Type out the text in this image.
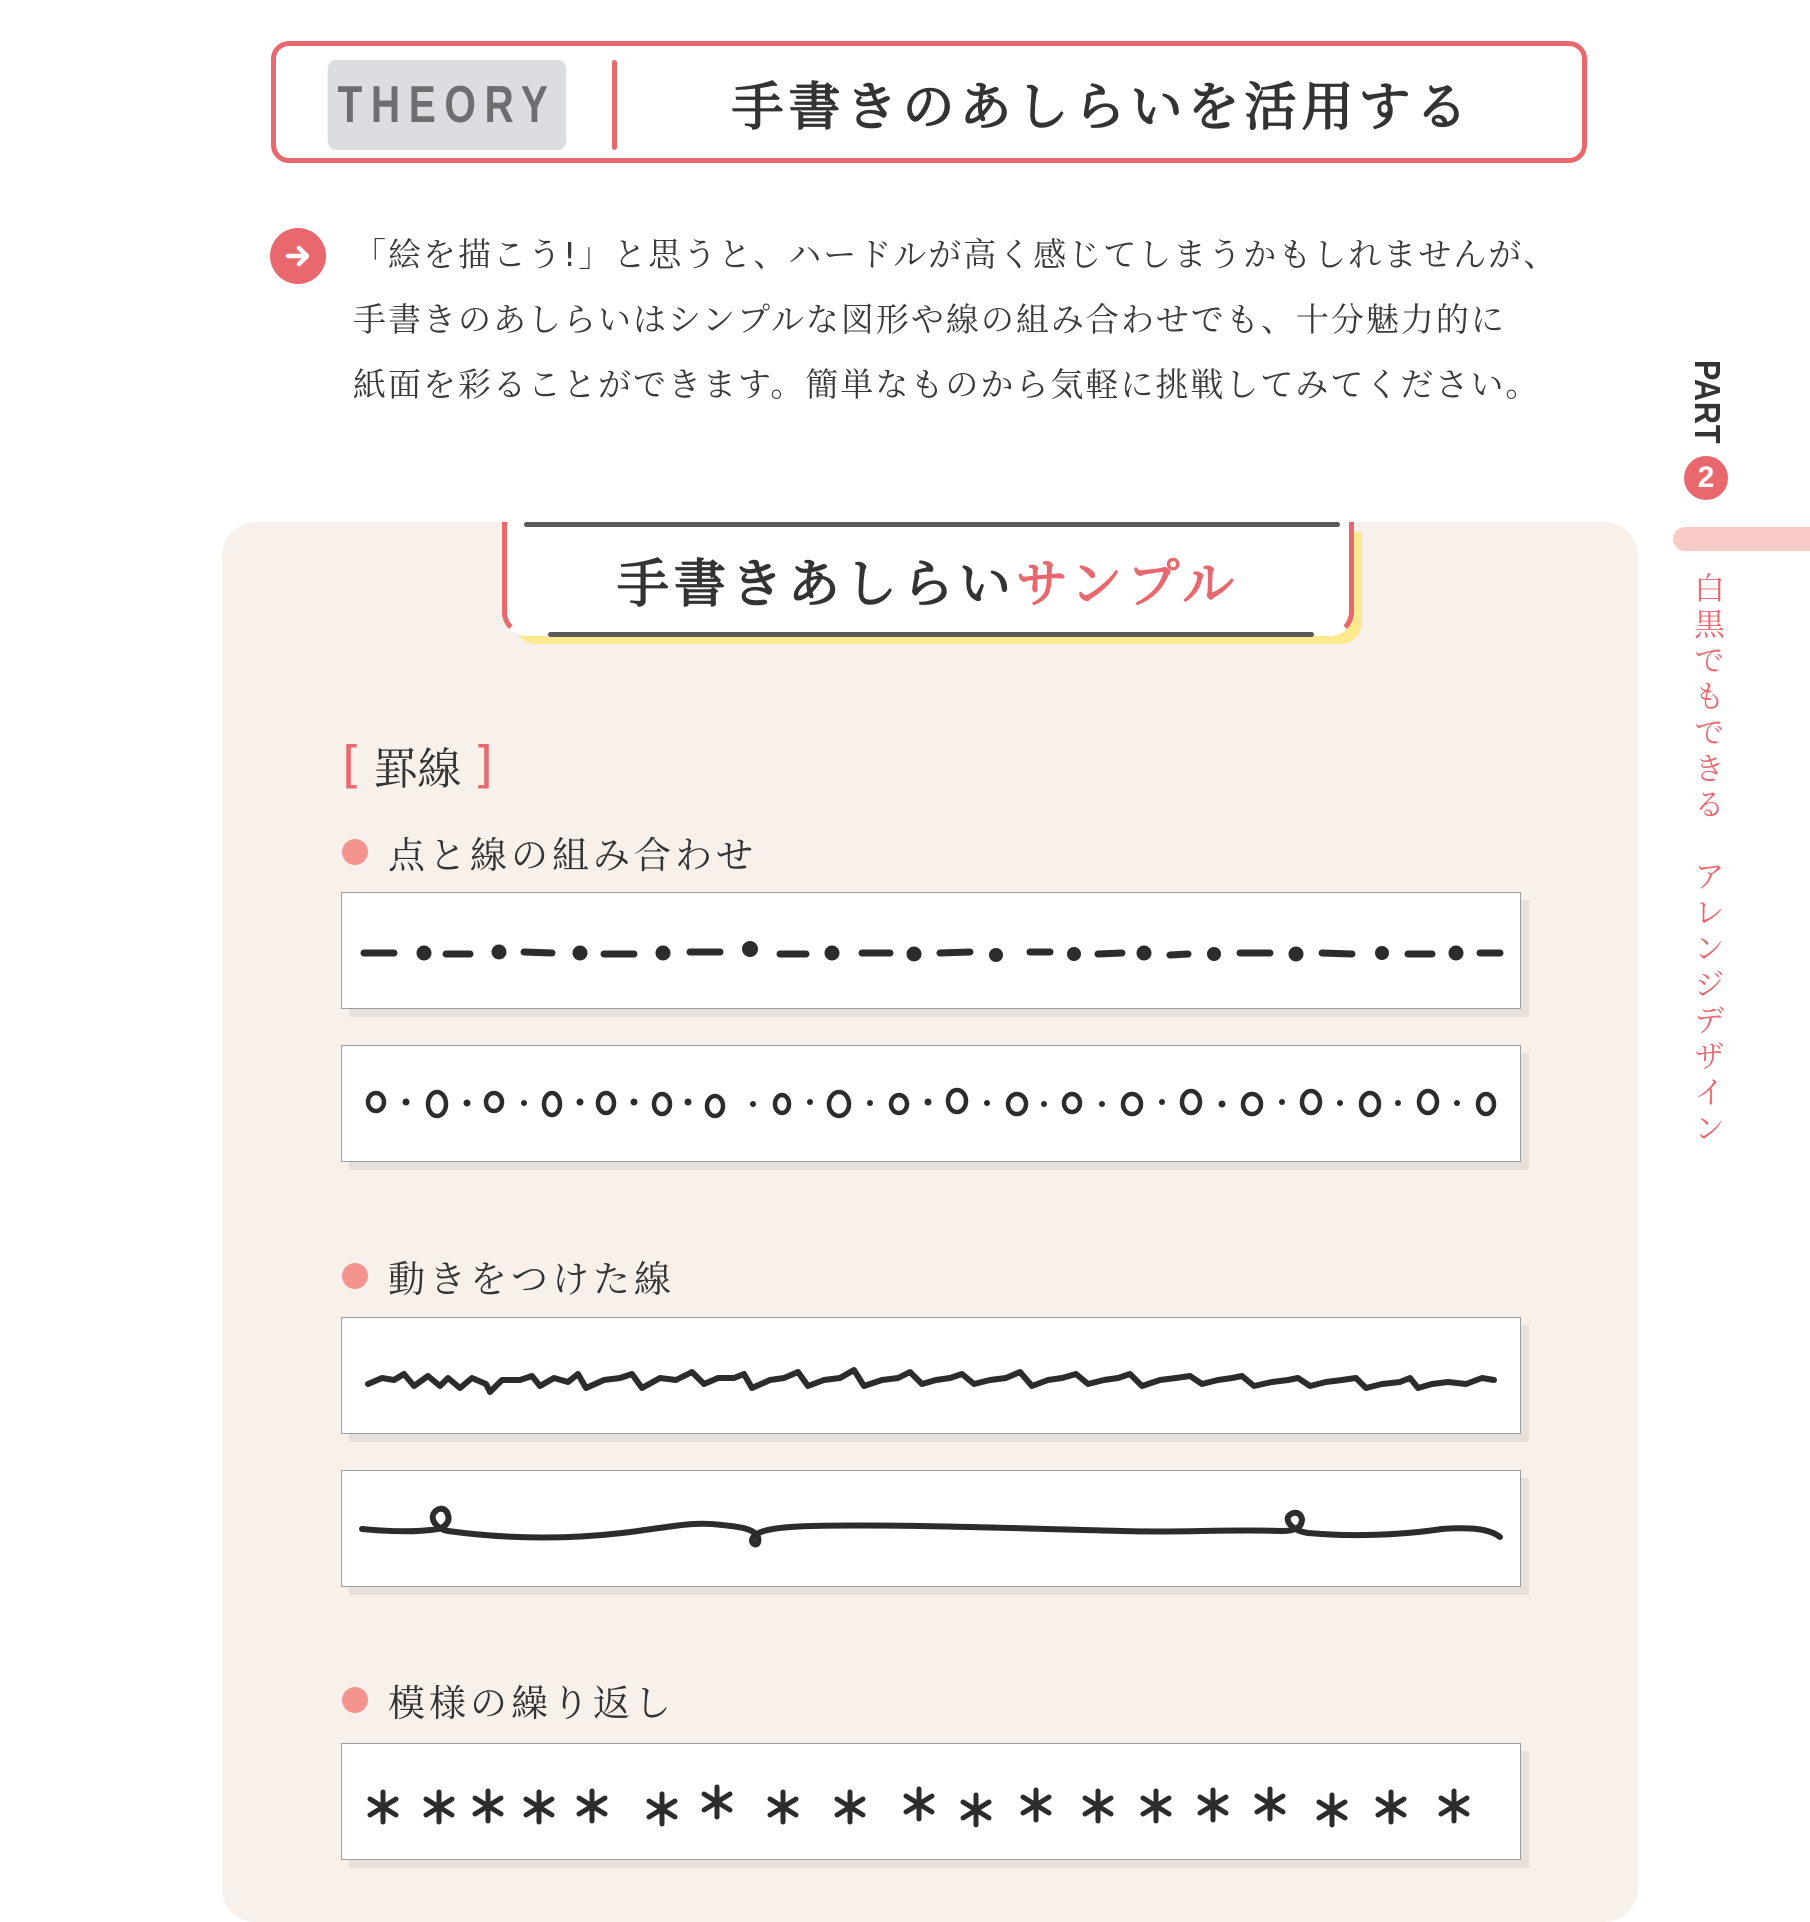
THEORY	手書きのあしらいを活用する

「絵を描こう!」と思うと、ハードルが高く感じてしまうかもしれませんが、

手書きのあしらいはシンプルな図形や線の組み合わせでも、十分魅力的に

紙面を彩ることができます。簡単なものから気軽に挑戦してみてください。	PART
2
白黒でもできる　アレンジデザイン
手書きあしらい サンプル
[ 罫線 ]
点と線の組み合わせ
動きをつけた線
模様の繰り返し
